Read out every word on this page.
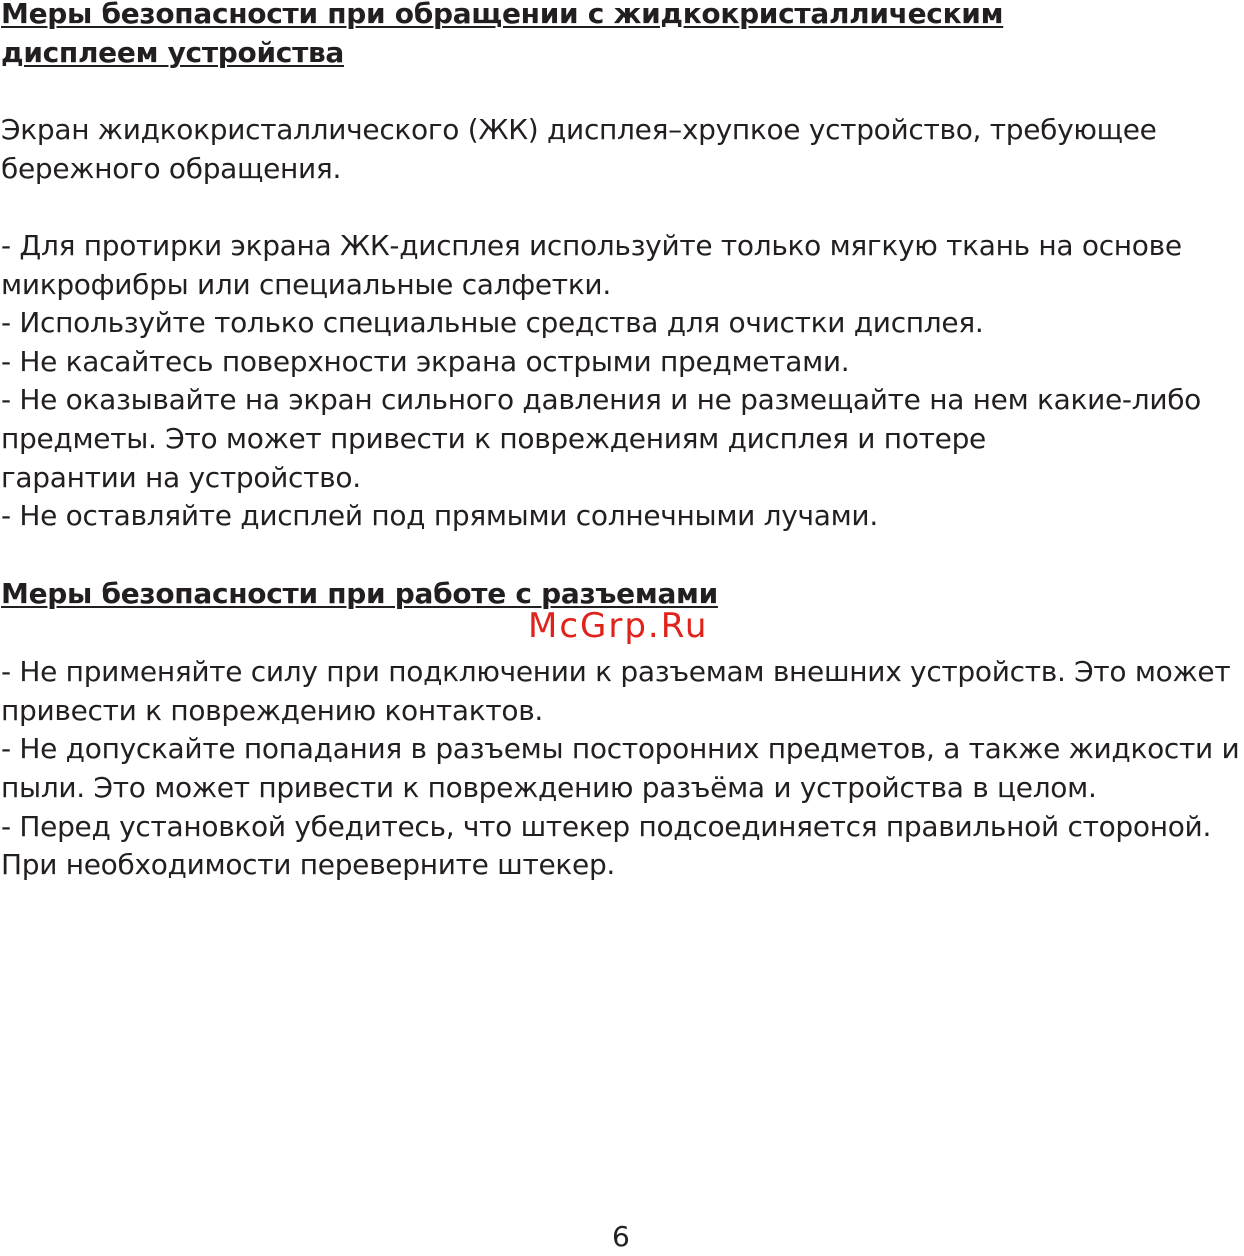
Меры безопасности при обращении с жидкокристаллическим
дисплеем устройства
Экран жидкокристаллического (ЖК) дисплея–хрупкое устройство, требующее
бережного обращения.
- Для протирки экрана ЖК-дисплея используйте только мягкую ткань на основе
микрофибры или специальные салфетки.
- Используйте только специальные средства для очистки дисплея.
- Не касайтесь поверхности экрана острыми предметами.
- Не оказывайте на экран сильного давления и не размещайте на нем какие-либо
предметы. Это может привести к повреждениям дисплея и потере
гарантии на устройство.
- Не оставляйте дисплей под прямыми солнечными лучами.
Меры безопасности при работе с разъемами
McGrp.Ru
- Не применяйте силу при подключении к разъемам внешних устройств. Это может
привести к повреждению контактов.
- Не допускайте попадания в разъемы посторонних предметов, а также жидкости и
пыли. Это может привести к повреждению разъёма и устройства в целом.
- Перед установкой убедитесь, что штекер подсоединяется правильной стороной.
При необходимости переверните штекер.
6
